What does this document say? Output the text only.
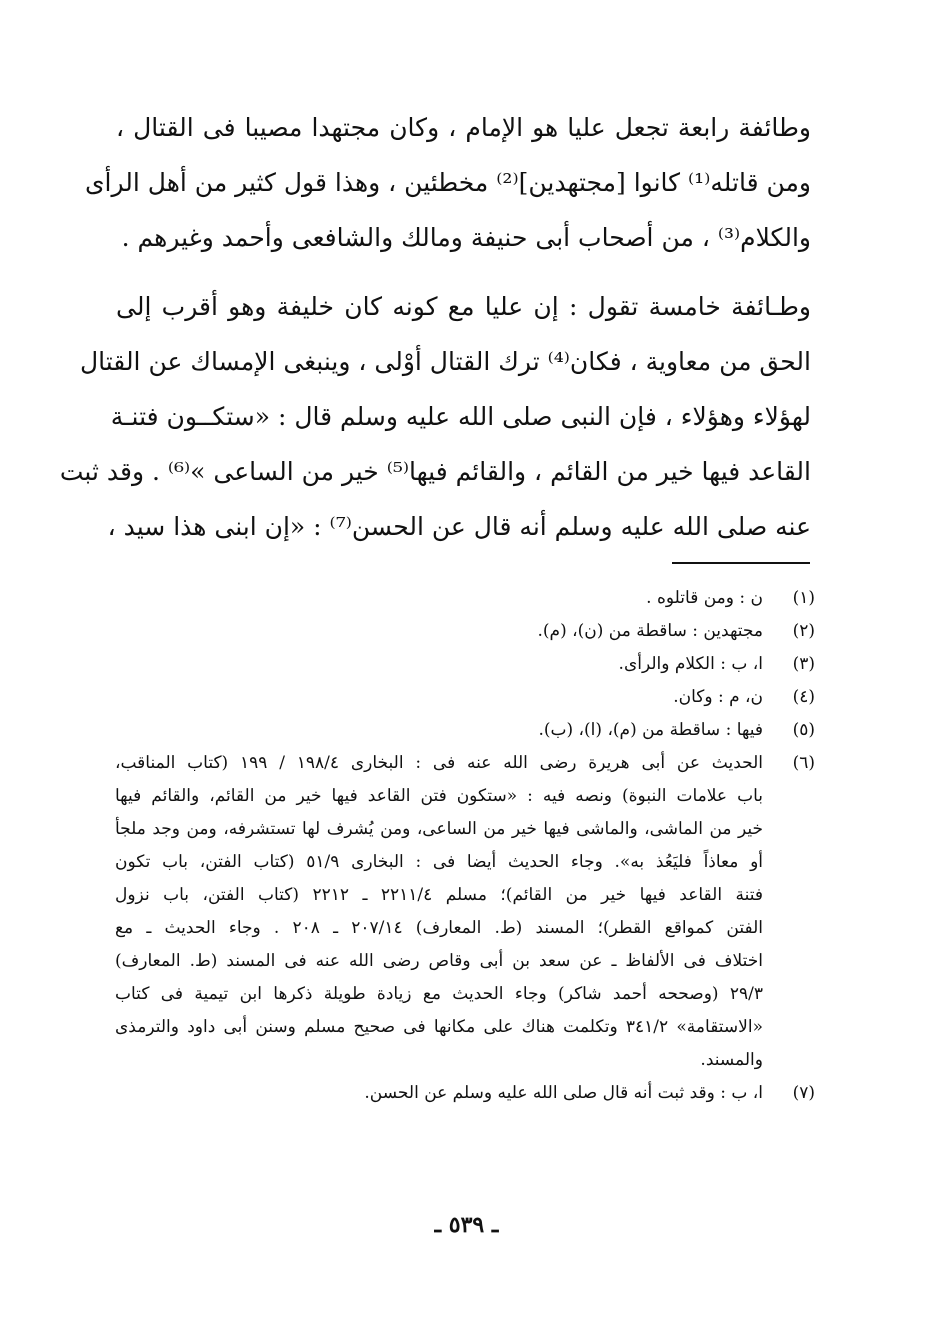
وطائفة رابعة تجعل عليا هو الإمام ، وكان مجتهدا مصيبا فى القتال ،
ومن قاتله⁽¹⁾ كانوا [مجتهدين]⁽²⁾ مخطئين ، وهذا قول كثير من أهل الرأى
والكلام⁽³⁾ ، من أصحاب أبى حنيفة ومالك والشافعى وأحمد وغيرهم .
وطـائفة خامسة تقول : إن عليا مع كونه كان خليفة وهو أقرب إلى
الحق من معاوية ، فكان⁽⁴⁾ ترك القتال أوْلى ، وينبغى الإمساك عن القتال
لهؤلاء وهؤلاء ، فإن النبى صلى الله عليه وسلم قال : «ستكــون فتنـة
القاعد فيها خير من القائم ، والقائم فيها⁽⁵⁾ خير من الساعى »⁽⁶⁾ . وقد ثبت
عنه صلى الله عليه وسلم أنه قال عن الحسن⁽⁷⁾ : «إن ابنى هذا سيد ،
(١)
ن : ومن قاتلوه .
(٢)
مجتهدين : ساقطة من (ن)، (م).
(٣)
ا، ب : الكلام والرأى.
(٤)
ن، م : وكان.
(٥)
فيها : ساقطة من (م)، (ا)، (ب).
(٦)
الحديث عن أبى هريرة رضى الله عنه فى : البخارى ١٩٨/٤ / ١٩٩ (كتاب المناقب،
باب علامات النبوة) ونصه فيه : «ستكون فتن القاعد فيها خير من القائم، والقائم فيها
خير من الماشى، والماشى فيها خير من الساعى، ومن يُشرف لها تستشرفه، ومن وجد ملجأ
أو معاذاً فليَعُذ به». وجاء الحديث أيضا فى : البخارى ٥١/٩ (كتاب الفتن، باب تكون
فتنة القاعد فيها خير من القائم)؛ مسلم ٢٢١١/٤ ـ ٢٢١٢ (كتاب الفتن، باب نزول
الفتن كمواقع القطر)؛ المسند (ط. المعارف) ٢٠٧/١٤ ـ ٢٠٨ . وجاء الحديث ـ مع
اختلاف فى الألفاظ ـ عن سعد بن أبى وقاص رضى الله عنه فى المسند (ط. المعارف)
٢٩/٣ (وصححه أحمد شاكر) وجاء الحديث مع زيادة طويلة ذكرها ابن تيمية فى كتاب
«الاستقامة» ٣٤١/٢ وتكلمت هناك على مكانها فى صحيح مسلم وسنن أبى داود والترمذى
والمسند.
(٧)
ا، ب : وقد ثبت أنه قال صلى الله عليه وسلم عن الحسن.
ـ ٥٣٩ ـ
